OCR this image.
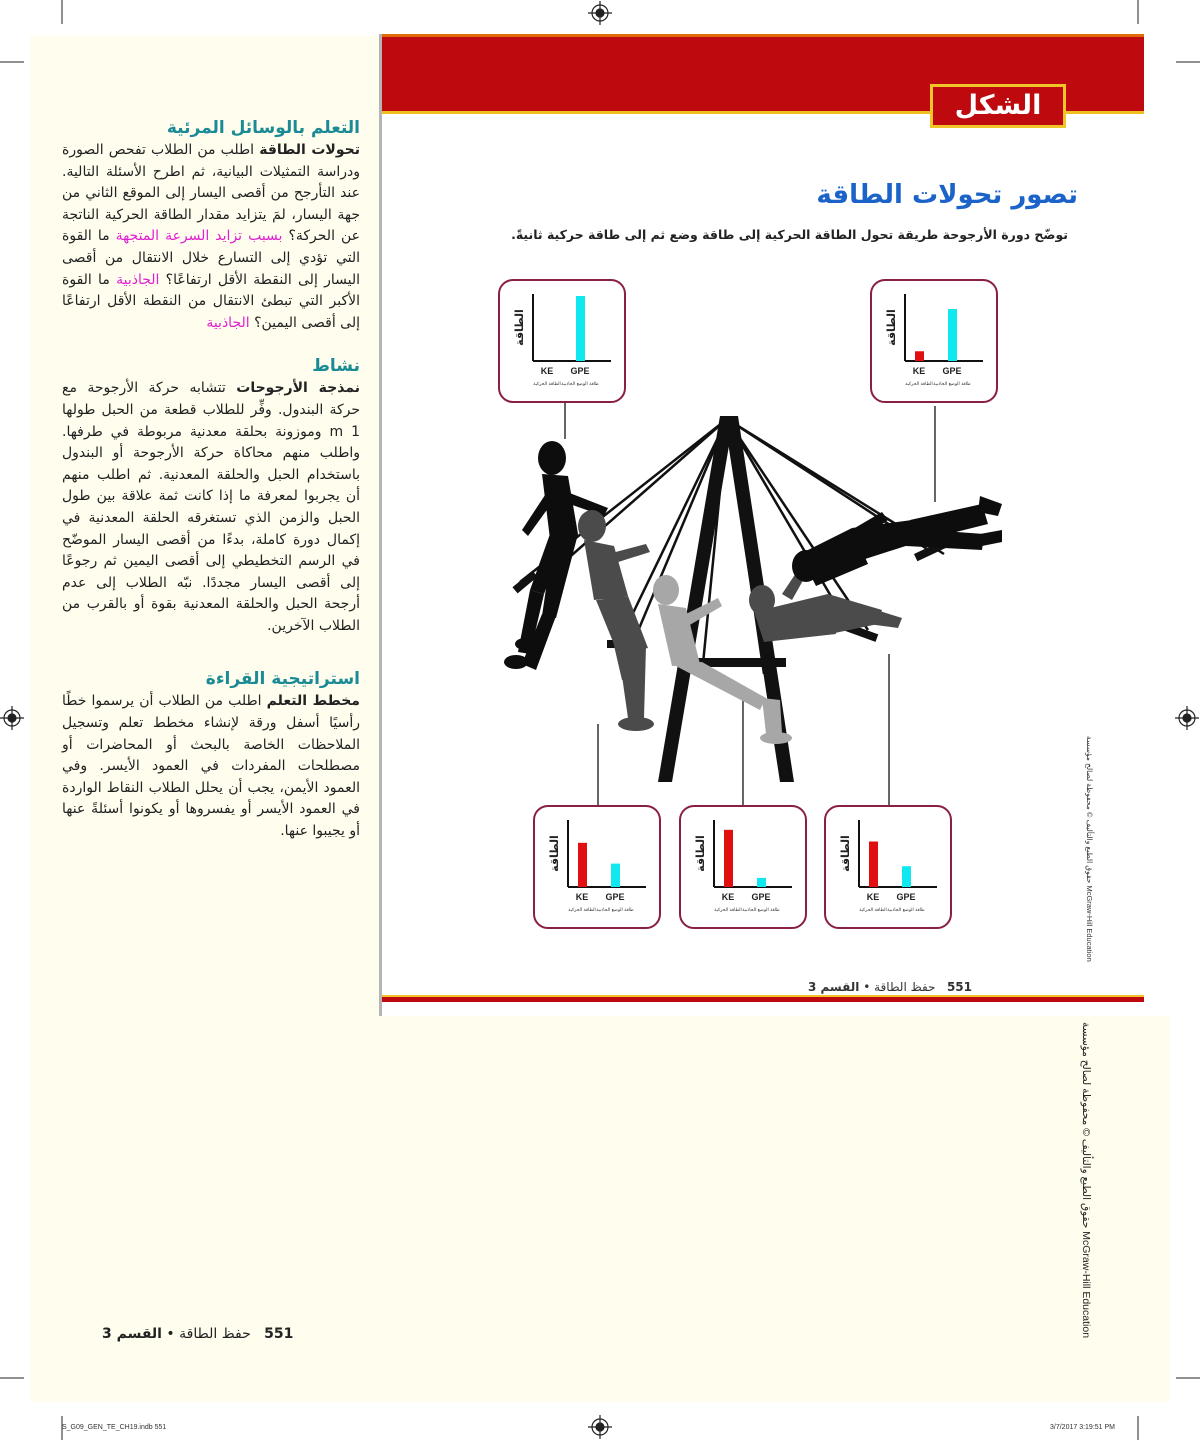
التعلم بالوسائل المرئية

تحولات الطاقة اطلب من الطلاب تفحص الصورة ودراسة التمثيلات البيانية، ثم اطرح الأسئلة التالية. عند التأرجح من أقصى اليسار إلى الموقع الثاني من جهة اليسار، لمَ يتزايد مقدار الطاقة الحركية الناتجة عن الحركة؟ بسبب تزايد السرعة المتجهة ما القوة التي تؤدي إلى التسارع خلال الانتقال من أقصى اليسار إلى النقطة الأقل ارتفاعًا؟ الجاذبية ما القوة الأكبر التي تبطئ الانتقال من النقطة الأقل ارتفاعًا إلى أقصى اليمين؟ الجاذبية

نشاط

نمذجة الأرجوحات تتشابه حركة الأرجوحة مع حركة البندول. وفِّر للطلاب قطعة من الحبل طولها 1 m وموزونة بحلقة معدنية مربوطة في طرفها. واطلب منهم محاكاة حركة الأرجوحة أو البندول باستخدام الحبل والحلقة المعدنية. ثم اطلب منهم أن يجربوا لمعرفة ما إذا كانت ثمة علاقة بين طول الحبل والزمن الذي تستغرقه الحلقة المعدنية في إكمال دورة كاملة، بدءًا من أقصى اليسار الموضّح في الرسم التخطيطي إلى أقصى اليمين ثم رجوعًا إلى أقصى اليسار مجددًا. نبّه الطلاب إلى عدم أرجحة الحبل والحلقة المعدنية بقوة أو بالقرب من الطلاب الآخرين.

استراتيجية القراءة

مخطط التعلم اطلب من الطلاب أن يرسموا خطًا رأسيًا أسفل ورقة لإنشاء مخطط تعلم وتسجيل الملاحظات الخاصة بالبحث أو المحاضرات أو مصطلحات المفردات في العمود الأيسر. وفي العمود الأيمن، يجب أن يحلل الطلاب النقاط الواردة في العمود الأيسر أو يفسروها أو يكونوا أسئلةً عنها أو يجيبوا عنها.

الشكل 13
تصور تحولات الطاقة
توضّح دورة الأرجوحة طريقة تحول الطاقة الحركية إلى طاقة وضع ثم إلى طاقة حركية ثانيةً.
الطاقة
KE GPE
الطاقة الحركية طاقة الوضع الجاذبية
الطاقة
KE GPE
الطاقة الحركية طاقة الوضع الجاذبية
الطاقة
KE GPE
الطاقة الحركية طاقة الوضع الجاذبية
الطاقة
KE GPE
الطاقة الحركية طاقة الوضع الجاذبية
الطاقة
KE GPE
الطاقة الحركية طاقة الوضع الجاذبية
551   حفظ الطاقة • القسم 3
حقوق الطبع والتأليف © محفوظة لصالح مؤسسة McGraw-Hill Education
حقوق الطبع والتأليف © محفوظة لصالح مؤسسة McGraw-Hill Education
551   حفظ الطاقة • القسم 3
S_G09_GEN_TE_CH19.indb 551	3/7/2017 3:19:51 PM
